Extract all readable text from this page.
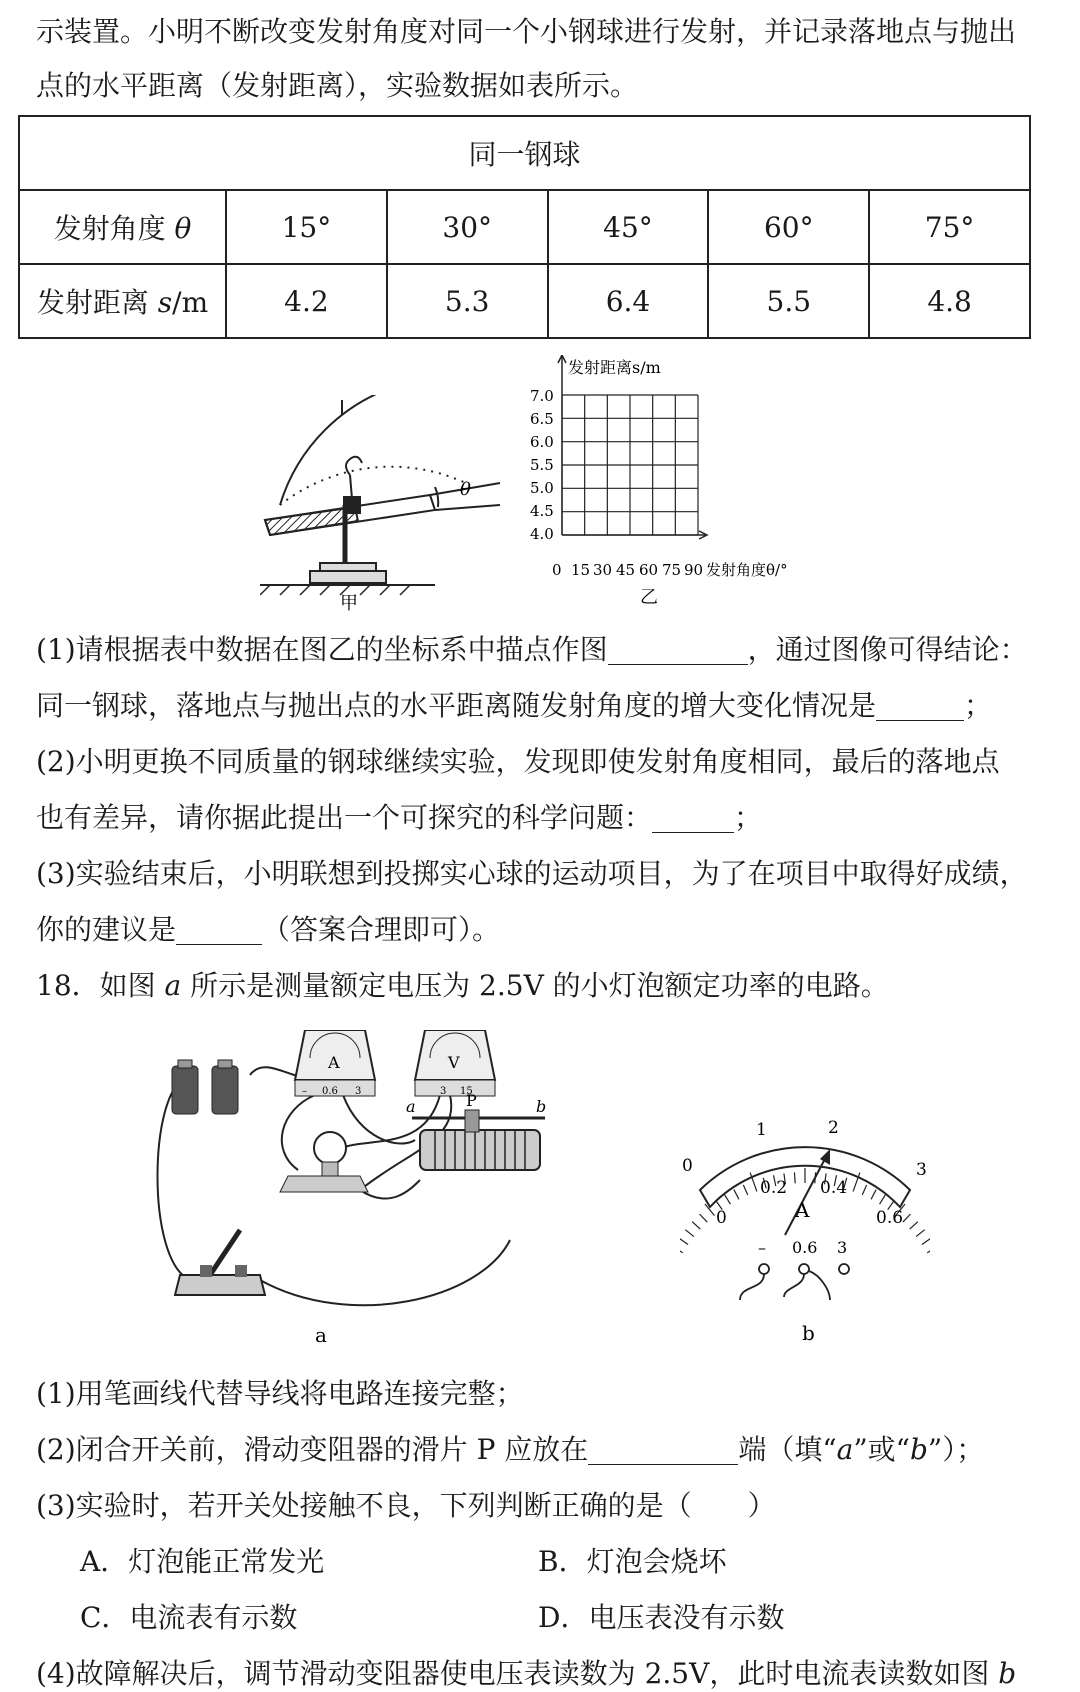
示装置。小明不断改变发射角度对同一个小钢球进行发射，并记录落地点与抛出
点的水平距离（发射距离），实验数据如表所示。
同一钢球					
发射角度 θ	15°	30°	45°	60°	75°
发射距离 s/m	4.2	5.3	6.4	5.5	4.8
θ
甲
发射距离s/m
7.0
6.5
6.0
5.5
5.0
4.5
4.0
0 15 30 45 60 75 90 发射角度θ/°
乙
(1)请根据表中数据在图乙的坐标系中描点作图	，通过图像可得结论：
同一钢球，落地点与抛出点的水平距离随发射角度的增大变化情况是	；
(2)小明更换不同质量的钢球继续实验，发现即使发射角度相同，最后的落地点
也有差异，请你据此提出一个可探究的科学问题：	；
(3)实验结束后，小明联想到投掷实心球的运动项目，为了在项目中取得好成绩，
你的建议是	（答案合理即可）。
18．如图 a 所示是测量额定电压为 2.5V 的小灯泡额定功率的电路。
A
– 0.6 3
V
3 15
P
a	b
a
0
1	2
3
0
0.2 0.4
0.6
A
– 0.6 3
b
(1)用笔画线代替导线将电路连接完整；
(2)闭合开关前，滑动变阻器的滑片 P 应放在	端（填“a”或“b”）；
(3)实验时，若开关处接触不良，下列判断正确的是（　　）
A．灯泡能正常发光	B．灯泡会烧坏
C．电流表有示数	D．电压表没有示数
(4)故障解决后，调节滑动变阻器使电压表读数为 2.5V，此时电流表读数如图 b
